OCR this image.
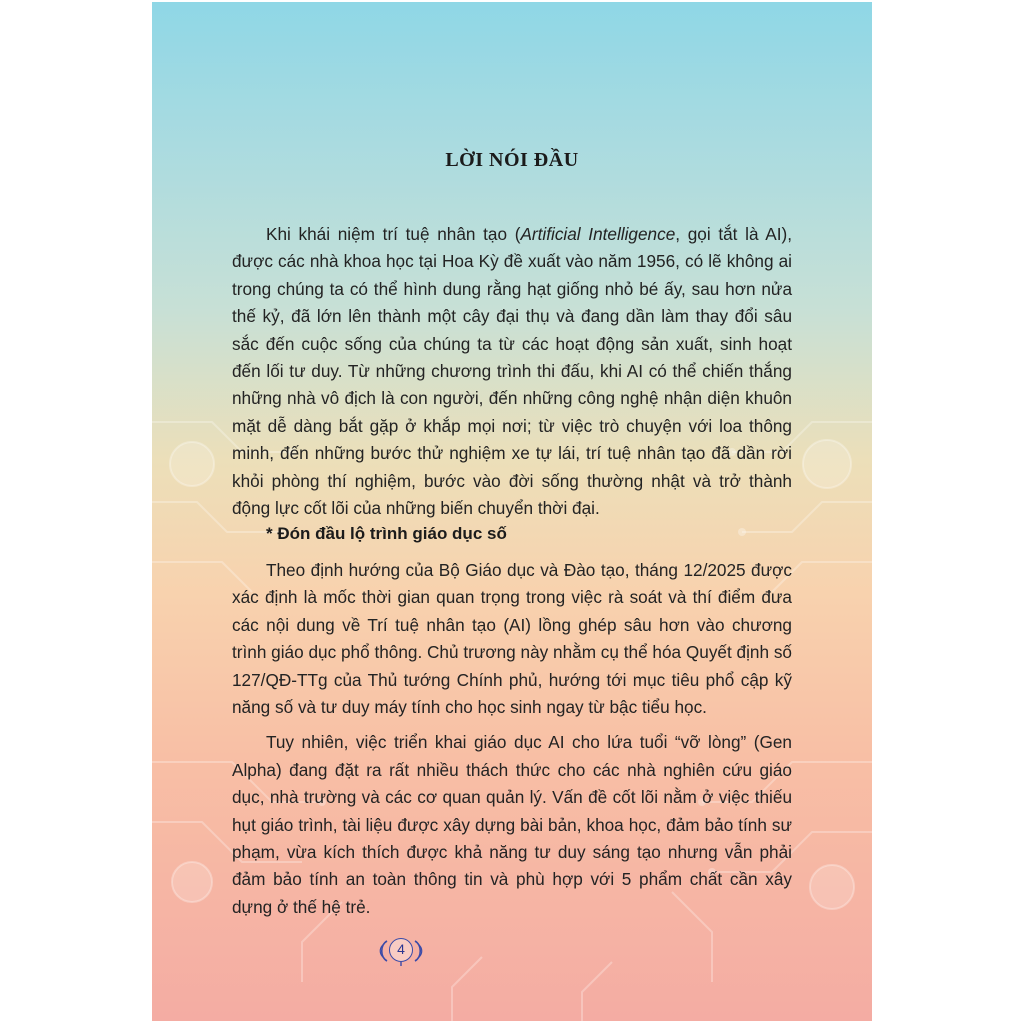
LỜI NÓI ĐẦU

Khi khái niệm trí tuệ nhân tạo (Artificial Intelligence, gọi tắt là AI), được các nhà khoa học tại Hoa Kỳ đề xuất vào năm 1956, có lẽ không ai trong chúng ta có thể hình dung rằng hạt giống nhỏ bé ấy, sau hơn nửa thế kỷ, đã lớn lên thành một cây đại thụ và đang dần làm thay đổi sâu sắc đến cuộc sống của chúng ta từ các hoạt động sản xuất, sinh hoạt đến lối tư duy. Từ những chương trình thi đấu, khi AI có thể chiến thắng những nhà vô địch là con người, đến những công nghệ nhận diện khuôn mặt dễ dàng bắt gặp ở khắp mọi nơi; từ việc trò chuyện với loa thông minh, đến những bước thử nghiệm xe tự lái, trí tuệ nhân tạo đã dần rời khỏi phòng thí nghiệm, bước vào đời sống thường nhật và trở thành động lực cốt lõi của những biến chuyển thời đại.

* Đón đầu lộ trình giáo dục số

Theo định hướng của Bộ Giáo dục và Đào tạo, tháng 12/2025 được xác định là mốc thời gian quan trọng trong việc rà soát và thí điểm đưa các nội dung về Trí tuệ nhân tạo (AI) lồng ghép sâu hơn vào chương trình giáo dục phổ thông. Chủ trương này nhằm cụ thể hóa Quyết định số 127/QĐ-TTg của Thủ tướng Chính phủ, hướng tới mục tiêu phổ cập kỹ năng số và tư duy máy tính cho học sinh ngay từ bậc tiểu học.

Tuy nhiên, việc triển khai giáo dục AI cho lứa tuổi “vỡ lòng” (Gen Alpha) đang đặt ra rất nhiều thách thức cho các nhà nghiên cứu giáo dục, nhà trường và các cơ quan quản lý. Vấn đề cốt lõi nằm ở việc thiếu hụt giáo trình, tài liệu được xây dựng bài bản, khoa học, đảm bảo tính sư phạm, vừa kích thích được khả năng tư duy sáng tạo nhưng vẫn phải đảm bảo tính an toàn thông tin và phù hợp với 5 phẩm chất cần xây dựng ở thế hệ trẻ.

4
